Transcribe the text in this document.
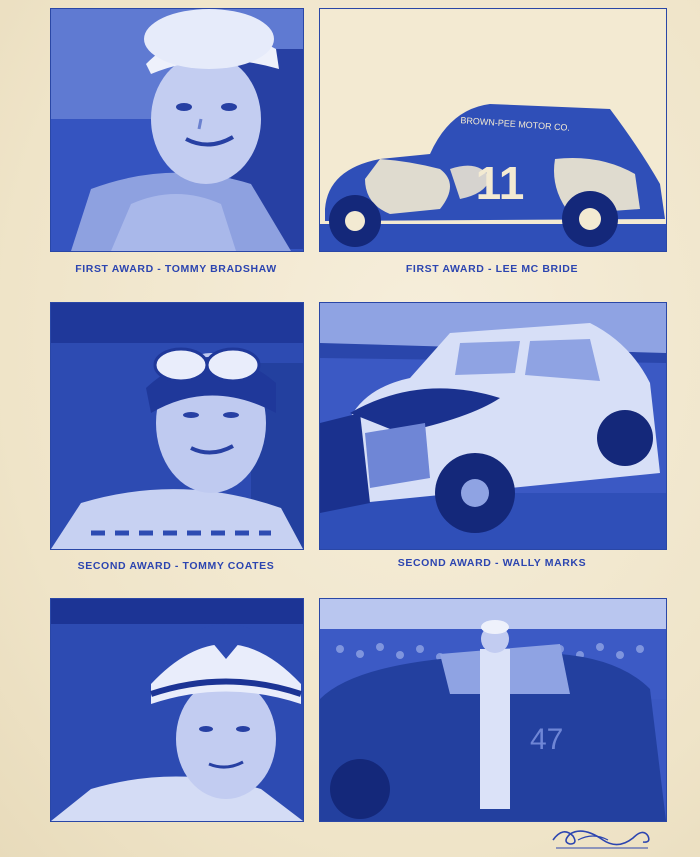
11
BROWN-PEE MOTOR CO.
FIRST AWARD - TOMMY BRADSHAW	FIRST AWARD - LEE MC BRIDE
SECOND AWARD - TOMMY COATES	SECOND AWARD - WALLY MARKS
47
